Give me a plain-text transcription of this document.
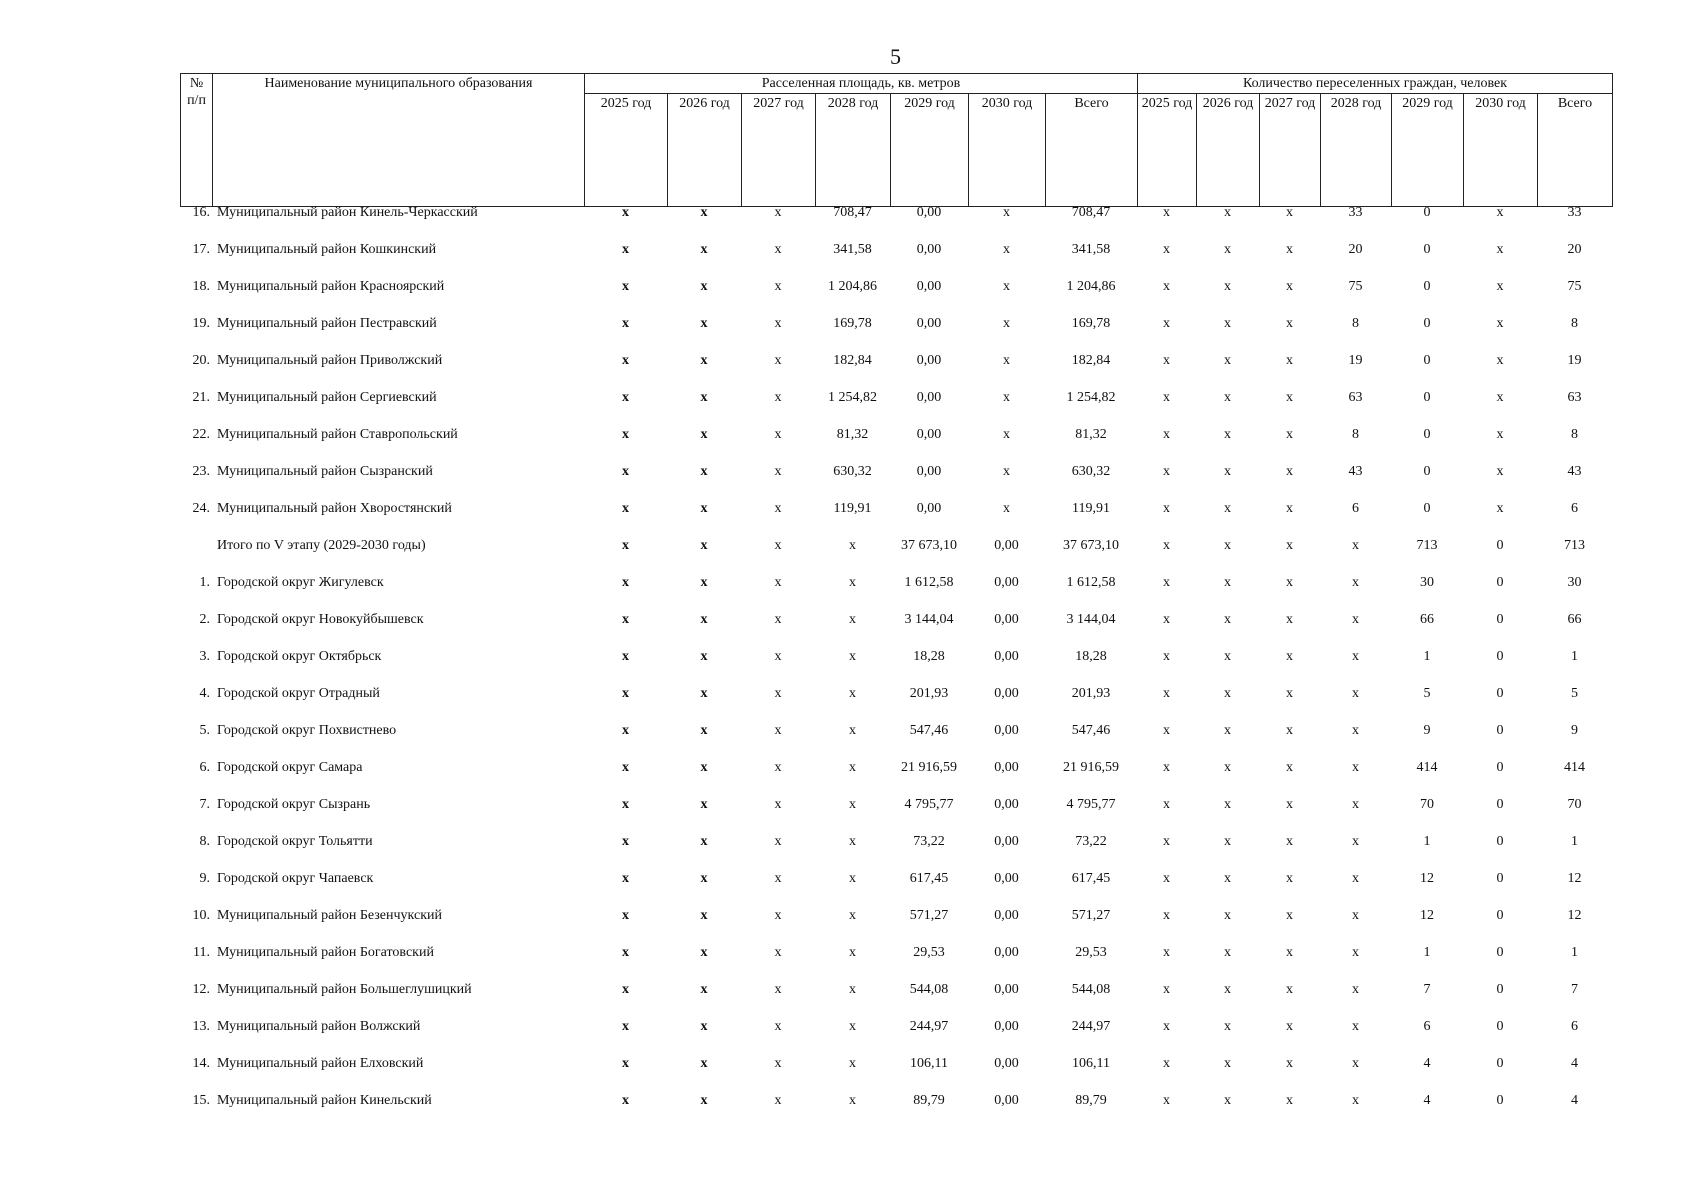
5
№ п/п	Наименование муниципального образования	Расселенная площадь, кв. метров							Количество переселенных граждан, человек						
		2025 год	2026 год	2027 год	2028 год	2029 год	2030 год	Всего	2025 год	2026 год	2027 год	2028 год	2029 год	2030 год	Всего
16. Муниципальный район Кинель-Черкасский	x	x	x	708,47	0,00	x	708,47	x	x	x	33	0	x	33
17. Муниципальный район Кошкинский	x	x	x	341,58	0,00	x	341,58	x	x	x	20	0	x	20
18. Муниципальный район Красноярский	x	x	x	1 204,86	0,00	x	1 204,86	x	x	x	75	0	x	75
19. Муниципальный район Пестравский	x	x	x	169,78	0,00	x	169,78	x	x	x	8	0	x	8
20. Муниципальный район Приволжский	x	x	x	182,84	0,00	x	182,84	x	x	x	19	0	x	19
21. Муниципальный район Сергиевский	x	x	x	1 254,82	0,00	x	1 254,82	x	x	x	63	0	x	63
22. Муниципальный район Ставропольский	x	x	x	81,32	0,00	x	81,32	x	x	x	8	0	x	8
23. Муниципальный район Сызранский	x	x	x	630,32	0,00	x	630,32	x	x	x	43	0	x	43
24. Муниципальный район Хворостянский	x	x	x	119,91	0,00	x	119,91	x	x	x	6	0	x	6
Итого по V этапу (2029-2030 годы)	x	x	x	x	37 673,10	0,00	37 673,10	x	x	x	x	713	0	713
1. Городской округ Жигулевск	x	x	x	x	1 612,58	0,00	1 612,58	x	x	x	x	30	0	30
2. Городской округ Новокуйбышевск	x	x	x	x	3 144,04	0,00	3 144,04	x	x	x	x	66	0	66
3. Городской округ Октябрьск	x	x	x	x	18,28	0,00	18,28	x	x	x	x	1	0	1
4. Городской округ Отрадный	x	x	x	x	201,93	0,00	201,93	x	x	x	x	5	0	5
5. Городской округ Похвистнево	x	x	x	x	547,46	0,00	547,46	x	x	x	x	9	0	9
6. Городской округ Самара	x	x	x	x	21 916,59	0,00	21 916,59	x	x	x	x	414	0	414
7. Городской округ Сызрань	x	x	x	x	4 795,77	0,00	4 795,77	x	x	x	x	70	0	70
8. Городской округ Тольятти	x	x	x	x	73,22	0,00	73,22	x	x	x	x	1	0	1
9. Городской округ Чапаевск	x	x	x	x	617,45	0,00	617,45	x	x	x	x	12	0	12
10. Муниципальный район Безенчукский	x	x	x	x	571,27	0,00	571,27	x	x	x	x	12	0	12
11. Муниципальный район Богатовский	x	x	x	x	29,53	0,00	29,53	x	x	x	x	1	0	1
12. Муниципальный район Большеглушицкий	x	x	x	x	544,08	0,00	544,08	x	x	x	x	7	0	7
13. Муниципальный район Волжский	x	x	x	x	244,97	0,00	244,97	x	x	x	x	6	0	6
14. Муниципальный район Елховский	x	x	x	x	106,11	0,00	106,11	x	x	x	x	4	0	4
15. Муниципальный район Кинельский	x	x	x	x	89,79	0,00	89,79	x	x	x	x	4	0	4
